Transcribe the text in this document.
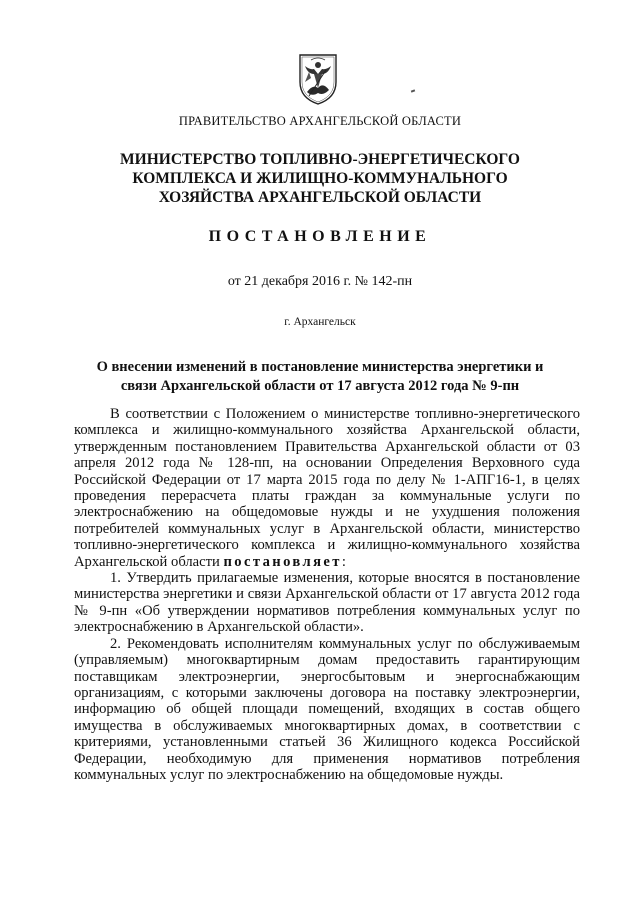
ПРАВИТЕЛЬСТВО АРХАНГЕЛЬСКОЙ ОБЛАСТИ
МИНИСТЕРСТВО ТОПЛИВНО-ЭНЕРГЕТИЧЕСКОГО
КОМПЛЕКСА И ЖИЛИЩНО-КОММУНАЛЬНОГО
ХОЗЯЙСТВА АРХАНГЕЛЬСКОЙ ОБЛАСТИ
ПОСТАНОВЛЕНИЕ
от 21 декабря 2016 г. № 142-пн
г. Архангельск
О внесении изменений в постановление министерства энергетики и
связи Архангельской области от 17 августа 2012 года № 9-пн

В соответствии с Положением о министерстве топливно-энергетического комплекса и жилищно-коммунального хозяйства Архангельской области, утвержденным постановлением Правительства Архангельской области от 03 апреля 2012 года № 128-пп, на основании Определения Верховного суда Российской Федерации от 17 марта 2015 года по делу № 1-АПГ16-1, в целях проведения перерасчета платы граждан за коммунальные услуги по электроснабжению на общедомовые нужды и не ухудшения положения потребителей коммунальных услуг в Архангельской области, министерство топливно-энергетического комплекса и жилищно-коммунального хозяйства Архангельской области постановляет:

1. Утвердить прилагаемые изменения, которые вносятся в постановление министерства энергетики и связи Архангельской области от 17 августа 2012 года № 9-пн «Об утверждении нормативов потребления коммунальных услуг по электроснабжению в Архангельской области».

2. Рекомендовать исполнителям коммунальных услуг по обслуживаемым (управляемым) многоквартирным домам предоставить гарантирующим поставщикам электроэнергии, энергосбытовым и энергоснабжающим организациям, с которыми заключены договора на поставку электроэнергии, информацию об общей площади помещений, входящих в состав общего имущества в обслуживаемых многоквартирных домах, в соответствии с критериями, установленными статьей 36 Жилищного кодекса Российской Федерации, необходимую для применения нормативов потребления коммунальных услуг по электроснабжению на общедомовые нужды.
